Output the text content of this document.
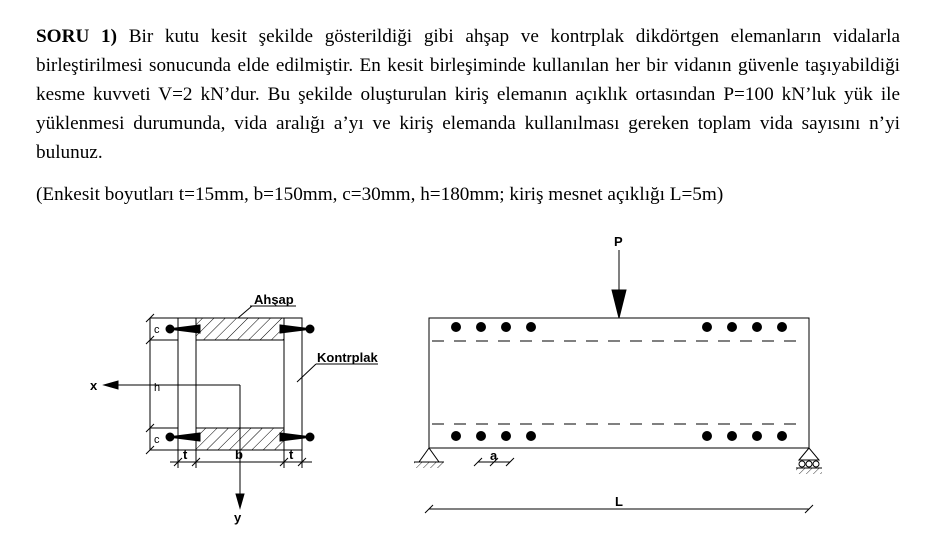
SORU 1) Bir kutu kesit şekilde gösterildiği gibi ahşap ve kontrplak dikdörtgen elemanların vidalarla birleştirilmesi sonucunda elde edilmiştir. En kesit birleşiminde kullanılan her bir vidanın güvenle taşıyabildiği kesme kuvveti V=2 kN’dur. Bu şekilde oluşturulan kiriş elemanın açıklık ortasından P=100 kN’luk yük ile yüklenmesi durumunda, vida aralığı a’yı ve kiriş elemanda kullanılması gereken toplam vida sayısını n’yi bulunuz.

(Enkesit boyutları t=15mm, b=150mm, c=30mm, h=180mm; kiriş mesnet açıklığı L=5m)

Ahşap
Kontrplak
c
c
h
x
y
t	b	t
P
a
L
